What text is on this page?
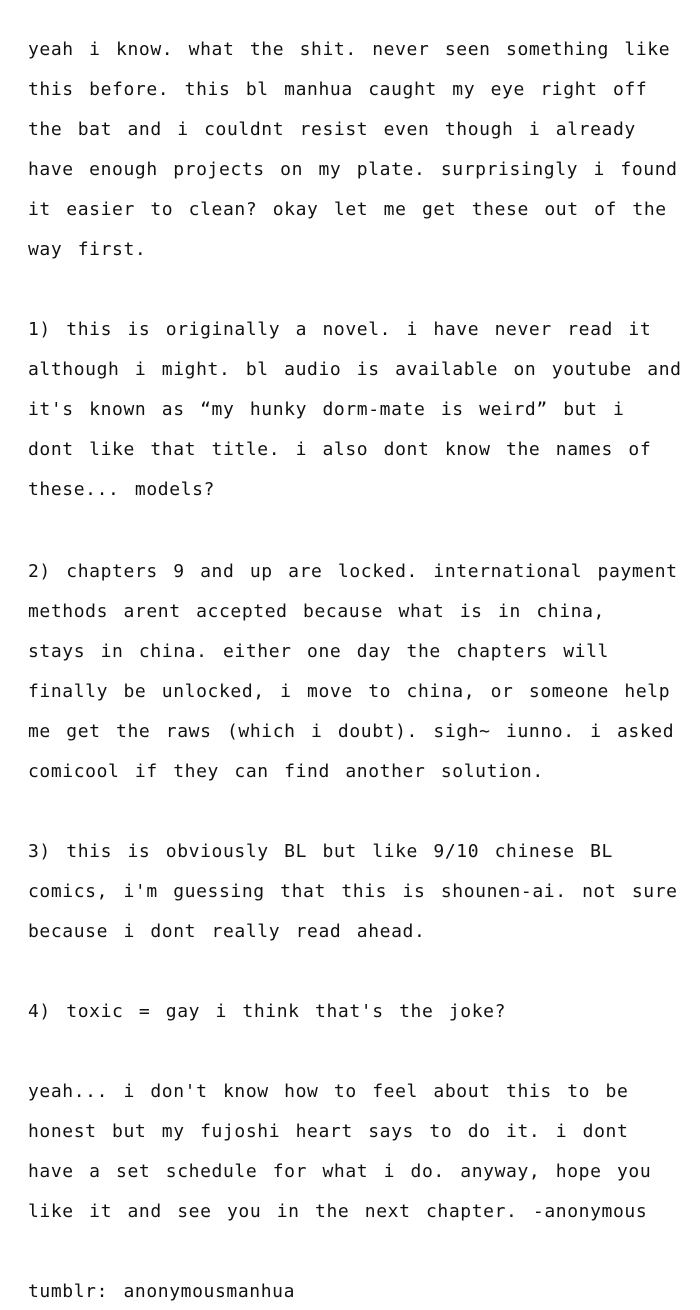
yeah i know. what the shit. never seen something like
this before. this bl manhua caught my eye right off
the bat and i couldnt resist even though i already
have enough projects on my plate. surprisingly i found
it easier to clean? okay let me get these out of the
way first.
1) this is originally a novel. i have never read it
although i might. bl audio is available on youtube and
it's known as “my hunky dorm-mate is weird” but i
dont like that title. i also dont know the names of
these... models?
2) chapters 9 and up are locked. international payment
methods arent accepted because what is in china,
stays in china. either one day the chapters will
finally be unlocked, i move to china, or someone help
me get the raws (which i doubt). sigh~ iunno. i asked
comicool if they can find another solution.
3) this is obviously BL but like 9/10 chinese BL
comics, i'm guessing that this is shounen-ai. not sure
because i dont really read ahead.
4) toxic = gay i think that's the joke?
yeah... i don't know how to feel about this to be
honest but my fujoshi heart says to do it. i dont
have a set schedule for what i do. anyway, hope you
like it and see you in the next chapter. -anonymous
tumblr: anonymousmanhua
